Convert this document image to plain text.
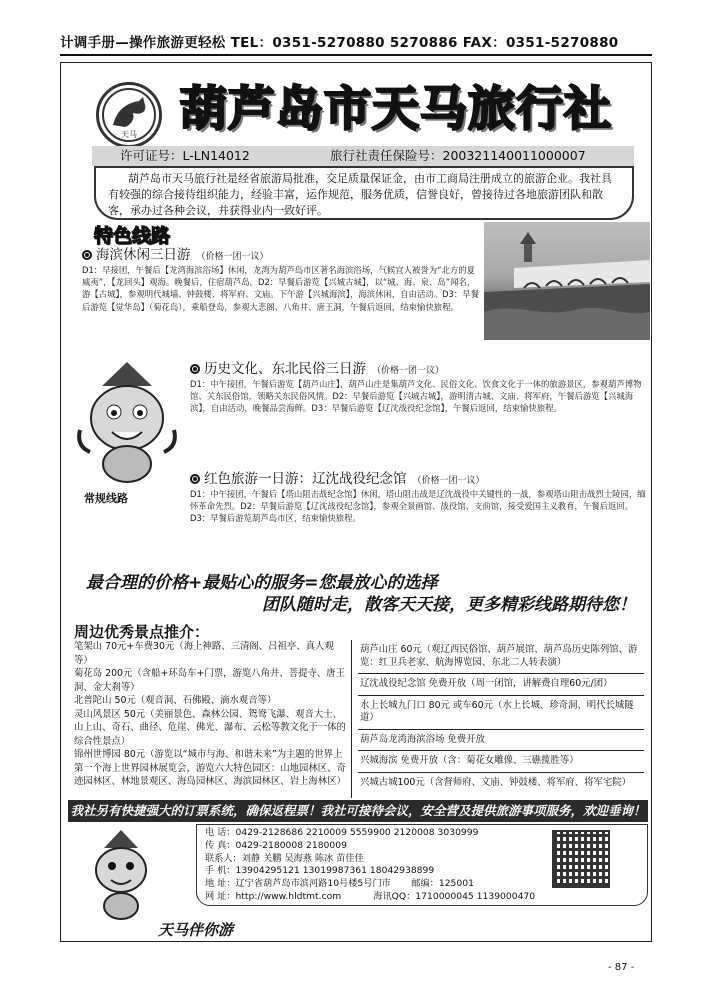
计调手册—操作旅游更轻松 TEL：0351-5270880 5270886 FAX：0351-5270880
天马 葫芦岛市天马旅行社
许可证号：L-LN14012	旅行社责任保险号：200321140011000007
葫芦岛市天马旅行社是经省旅游局批准，交足质量保证金，由市工商局注册成立的旅游企业。我社具有较强的综合接待组织能力，经验丰富，运作规范，服务优质，信誉良好，曾接待过各地旅游团队和散客，承办过各种会议，并获得业内一致好评。
特色线路
海滨休闲三日游 （价格一团一议）
D1：早接团，午餐后【龙湾海滨浴场】休闲，龙湾为葫芦岛市区著名海滨浴场，气候宜人被誉为“北方的夏威夷”，【龙回头】观海。晚餐后，住宿葫芦岛。D2：早餐后游览【兴城古城】，以“城、海、泉、岛”闻名，游【古城】，参观明代城墙、钟鼓楼、将军府、文庙。下午游【兴城海滨】，海滨休闲，自由活动。D3：早餐后游览【觉华岛】（菊花岛），乘船登岛，参观大悲阁、八角井、唐王洞，午餐后返回，结束愉快旅程。
常规线路
历史文化、东北民俗三日游 （价格一团一议）
D1：中午接团，午餐后游览【葫芦山庄】，葫芦山庄是集葫芦文化、民俗文化、饮食文化于一体的旅游景区，参观葫芦博物馆、关东民俗馆，领略关东民俗风情。D2：早餐后游览【兴城古城】，游明清古城、文庙、将军府，午餐后游览【兴城海滨】，自由活动，晚餐品尝海鲜。D3：早餐后游览【辽沈战役纪念馆】，午餐后返回，结束愉快旅程。
红色旅游一日游：辽沈战役纪念馆 （价格一团一议）
D1：中午接团，午餐后【塔山阻击战纪念馆】休闲，塔山阻击战是辽沈战役中关键性的一战，参观塔山阻击战烈士陵园，缅怀革命先烈。D2：早餐后游览【辽沈战役纪念馆】，参观全景画馆、战役馆、支前馆，接受爱国主义教育，午餐后返回。D3：早餐后游览葫芦岛市区，结束愉快旅程。
最合理的价格+最贴心的服务=您最放心的选择
团队随时走，散客天天接，更多精彩线路期待您！
周边优秀景点推介：
笔架山 70元+车费30元（海上神路、三清阁、吕祖亭、真人观等）
菊花岛 200元（含船+环岛车+门票，游览八角井、菩提寺、唐王洞、金大刹等）
北普陀山 50元（观音洞、石佛殿、滴水观音等）
灵山风景区 50元（美丽景色、森林公园、鸳鸯飞瀑、观音大士、山上山、奇石、曲径、危崖、佛光、瀑布、云松等教文化于一体的综合性景点）
锦州世博园 80元（游览以“城市与海、和谐未来”为主题的世界上第一个海上世界园林展览会，游览六大特色园区：山地园林区、奇迹园林区、林地景观区、海岛园林区、海滨园林区、岩上海林区）
葫芦山庄 60元（观辽西民俗馆、葫芦展馆、葫芦岛历史陈列馆、游览：红卫兵老家、航海博览园、东北二人转表演）
辽沈战役纪念馆 免费开放（周一闭馆，讲解费自理60元/团）
水上长城九门口 80元 或车60元（水上长城、珍奇洞、明代长城隧道）
葫芦岛龙湾海滨浴场 免费开放
兴城海滨 免费开放（含：菊花女雕像、三礁揽胜等）
兴城古城100元（含督师府、文庙、钟鼓楼、将军府、将军宅院）
我社另有快捷强大的订票系统，确保返程票！我社可接待会议，安全营及提供旅游事项服务，欢迎垂询！
电 话：0429-2128686 2210009 5559900 2120008 3030999
传 真：0429-2180008 2180009
联系人：刘静 关鹏 吴海燕 陈冰 苗佳佳
手 机：13904295121 13019987361 18042938899
地 址：辽宁省葫芦岛市滨河路10号楼5号门市 邮编：125001
网 址：http://www.hldtmt.com	海讯QQ：1710000045 1139000470
天马伴你游
- 87 -
